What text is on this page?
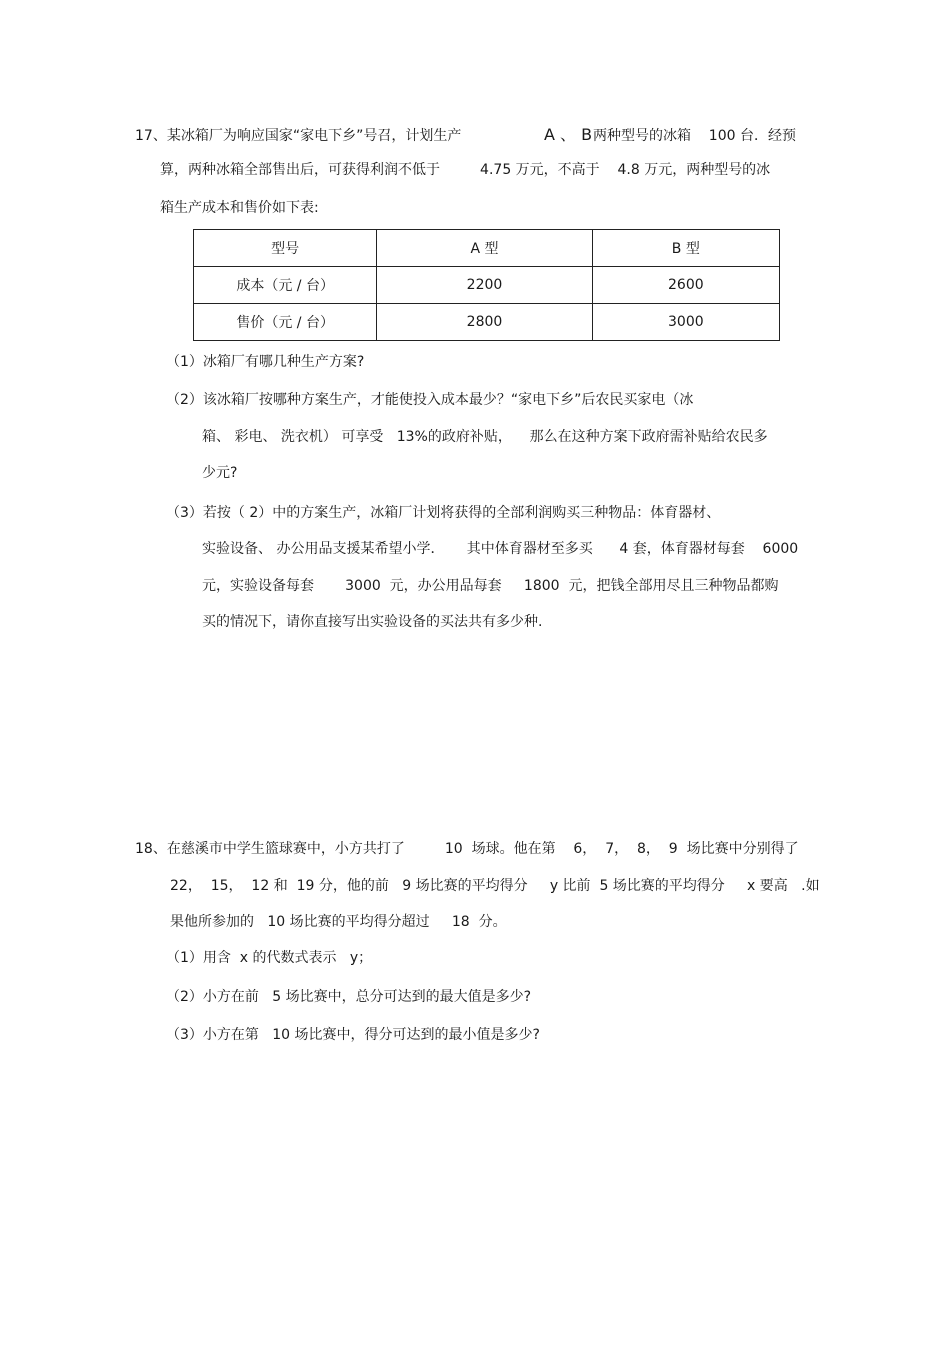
17、某冰箱厂为响应国家“家电下乡”号召，计划生产	A 、 B 两种型号的冰箱    100 台．经预
算，两种冰箱全部售出后，可获得利润不低于         4.75 万元，不高于    4.8 万元，两种型号的冰
箱生产成本和售价如下表:
型号	A 型	B 型
成本（元 / 台）	2200	2600
售价（元 / 台）	2800	3000
（1）冰箱厂有哪几种生产方案?
（2）该冰箱厂按哪种方案生产，才能使投入成本最少？“家电下乡”后农民买家电（冰
箱、 彩电、 洗衣机） 可享受   13%的政府补贴，    那么在这种方案下政府需补贴给农民多
少元?
（3）若按（ 2）中的方案生产，冰箱厂计划将获得的全部利润购买三种物品：体育器材、
实验设备、 办公用品支援某希望小学．     其中体育器材至多买      4 套，体育器材每套    6000
元，实验设备每套       3000  元，办公用品每套     1800  元，把钱全部用尽且三种物品都购
买的情况下，请你直接写出实验设备的买法共有多少种.
18、在慈溪市中学生篮球赛中，小方共打了         10  场球。他在第    6，  7，  8，  9  场比赛中分别得了
22，  15，  12 和  19 分，他的前   9 场比赛的平均得分     y 比前  5 场比赛的平均得分     x 要高   .如
果他所参加的   10 场比赛的平均得分超过     18  分。
（1）用含  x 的代数式表示   y；
（2）小方在前   5 场比赛中，总分可达到的最大值是多少?
（3）小方在第   10 场比赛中，得分可达到的最小值是多少?
